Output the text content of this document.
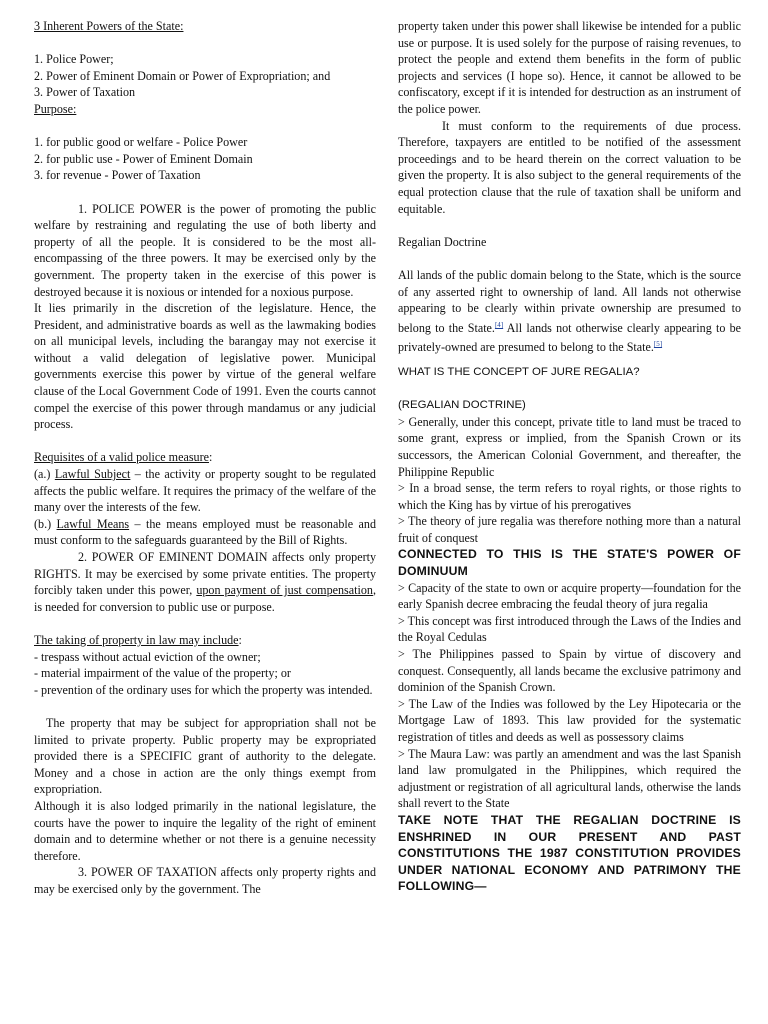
3 Inherent Powers of the State:

1. Police Power;

2. Power of Eminent Domain or Power of Expropriation; and

3. Power of Taxation

Purpose:

1. for public good or welfare - Police Power

2. for public use - Power of Eminent Domain

3. for revenue - Power of Taxation

1. POLICE POWER is the power of promoting the public welfare by restraining and regulating the use of both liberty and property of all the people. It is considered to be the most all-encompassing of the three powers. It may be exercised only by the government. The property taken in the exercise of this power is destroyed because it is noxious or intended for a noxious purpose.

It lies primarily in the discretion of the legislature. Hence, the President, and administrative boards as well as the lawmaking bodies on all municipal levels, including the barangay may not exercise it without a valid delegation of legislative power. Municipal governments exercise this power by virtue of the general welfare clause of the Local Government Code of 1991. Even the courts cannot compel the exercise of this power through mandamus or any judicial process.

Requisites of a valid police measure:

(a.) Lawful Subject – the activity or property sought to be regulated affects the public welfare. It requires the primacy of the welfare of the many over the interests of the few.

(b.) Lawful Means – the means employed must be reasonable and must conform to the safeguards guaranteed by the Bill of Rights.

2. POWER OF EMINENT DOMAIN affects only property RIGHTS. It may be exercised by some private entities. The property forcibly taken under this power, upon payment of just compensation, is needed for conversion to public use or purpose.

The taking of property in law may include:

- trespass without actual eviction of the owner;

- material impairment of the value of the property; or

- prevention of the ordinary uses for which the property was intended.

The property that may be subject for appropriation shall not be limited to private property. Public property may be expropriated provided there is a SPECIFIC grant of authority to the delegate. Money and a chose in action are the only things exempt from expropriation.

Although it is also lodged primarily in the national legislature, the courts have the power to inquire the legality of the right of eminent domain and to determine whether or not there is a genuine necessity therefore.

3. POWER OF TAXATION affects only property rights and may be exercised only by the government. The

property taken under this power shall likewise be intended for a public use or purpose. It is used solely for the purpose of raising revenues, to protect the people and extend them benefits in the form of public projects and services (I hope so). Hence, it cannot be allowed to be confiscatory, except if it is intended for destruction as an instrument of the police power.

It must conform to the requirements of due process. Therefore, taxpayers are entitled to be notified of the assessment proceedings and to be heard therein on the correct valuation to be given the property. It is also subject to the general requirements of the equal protection clause that the rule of taxation shall be uniform and equitable.

Regalian Doctrine

All lands of the public domain belong to the State, which is the source of any asserted right to ownership of land. All lands not otherwise appearing to be clearly within private ownership are presumed to belong to the State.[4] All lands not otherwise clearly appearing to be privately-owned are presumed to belong to the State.[5]

WHAT IS THE CONCEPT OF JURE REGALIA?

(REGALIAN DOCTRINE)

> Generally, under this concept, private title to land must be traced to some grant, express or implied, from the Spanish Crown or its successors, the American Colonial Government, and thereafter, the Philippine Republic

> In a broad sense, the term refers to royal rights, or those rights to which the King has by virtue of his prerogatives

> The theory of jure regalia was therefore nothing more than a natural fruit of conquest

CONNECTED TO THIS IS THE STATE'S POWER OF DOMINUUM

> Capacity of the state to own or acquire property—foundation for the early Spanish decree embracing the feudal theory of jura regalia

> This concept was first introduced through the Laws of the Indies and the Royal Cedulas

> The Philippines passed to Spain by virtue of discovery and conquest. Consequently, all lands became the exclusive patrimony and dominion of the Spanish Crown.

> The Law of the Indies was followed by the Ley Hipotecaria or the Mortgage Law of 1893. This law provided for the systematic registration of titles and deeds as well as possessory claims

> The Maura Law: was partly an amendment and was the last Spanish land law promulgated in the Philippines, which required the adjustment or registration of all agricultural lands, otherwise the lands shall revert to the State

TAKE NOTE THAT THE REGALIAN DOCTRINE IS ENSHRINED IN OUR PRESENT AND PAST CONSTITUTIONS THE 1987 CONSTITUTION PROVIDES UNDER NATIONAL ECONOMY AND PATRIMONY THE FOLLOWING—
